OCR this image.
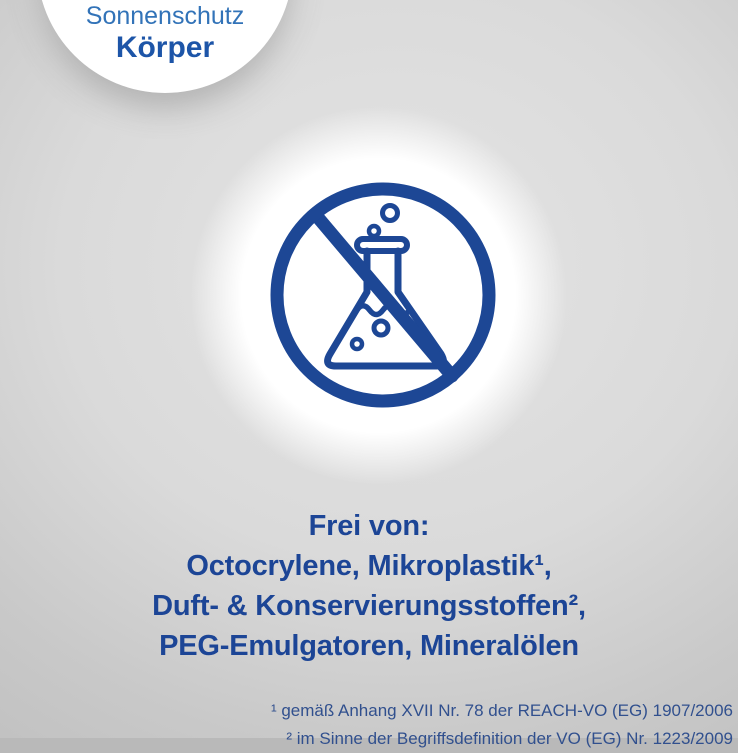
Sonnenschutz
Körper
Frei von:
Octocrylene, Mikroplastik¹,
Duft- & Konservierungsstoffen²,
PEG-Emulgatoren, Mineralölen
¹ gemäß Anhang XVII Nr. 78 der REACH-VO (EG) 1907/2006
² im Sinne der Begriffsdefinition der VO (EG) Nr. 1223/2009
